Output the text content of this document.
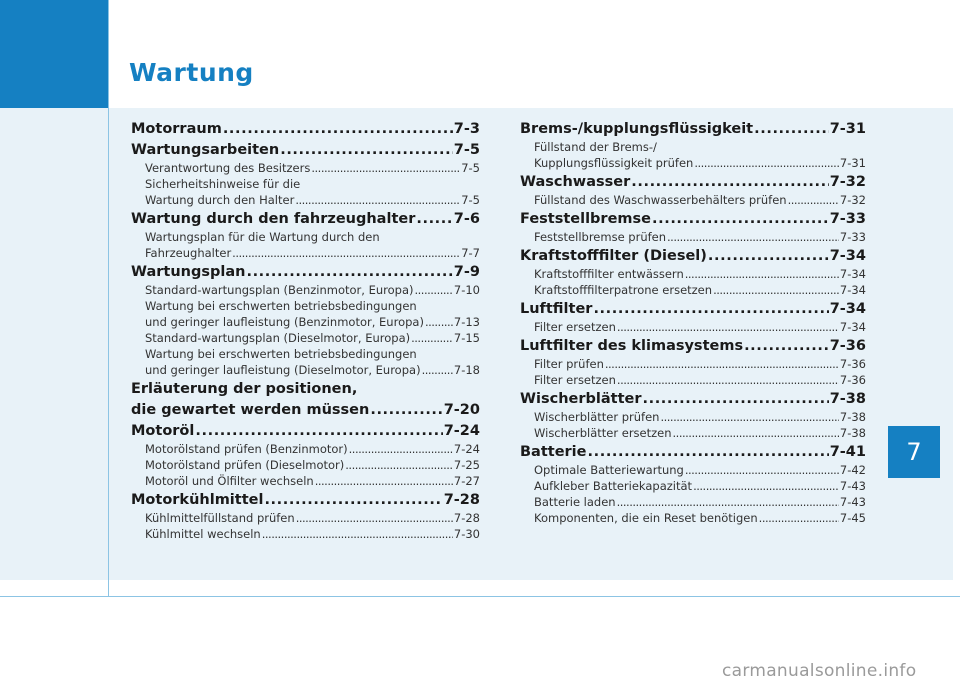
Wartung
7
Motorraum .....	7-3
Wartungsarbeiten .....	7-5
Verantwortung des Besitzers .....	7-5
Sicherheitshinweise für die
Wartung durch den Halter .....	7-5
Wartung durch den fahrzeughalter .....	7-6
Wartungsplan für die Wartung durch den
Fahrzeughalter .....	7-7
Wartungsplan .....	7-9
Standard-wartungsplan (Benzinmotor, Europa) .....	7-10
Wartung bei erschwerten betriebsbedingungen
und geringer laufleistung (Benzinmotor, Europa) .....	7-13
Standard-wartungsplan (Dieselmotor, Europa) .....	7-15
Wartung bei erschwerten betriebsbedingungen
und geringer laufleistung (Dieselmotor, Europa) .....	7-18
Erläuterung der positionen,
die gewartet werden müssen .....	7-20
Motoröl .....	7-24
Motorölstand prüfen (Benzinmotor) .....	7-24
Motorölstand prüfen (Dieselmotor) .....	7-25
Motoröl und Ölfilter wechseln .....	7-27
Motorkühlmittel .....	7-28
Kühlmittelfüllstand prüfen .....	7-28
Kühlmittel wechseln .....	7-30
Brems-/kupplungsflüssigkeit .....	7-31
Füllstand der Brems-/
Kupplungsflüssigkeit prüfen .....	7-31
Waschwasser .....	7-32
Füllstand des Waschwasserbehälters prüfen .....	7-32
Feststellbremse .....	7-33
Feststellbremse prüfen .....	7-33
Kraftstofffilter (Diesel) .....	7-34
Kraftstofffilter entwässern .....	7-34
Kraftstofffilterpatrone ersetzen .....	7-34
Luftfilter .....	7-34
Filter ersetzen .....	7-34
Luftfilter des klimasystems .....	7-36
Filter prüfen .....	7-36
Filter ersetzen .....	7-36
Wischerblätter .....	7-38
Wischerblätter prüfen .....	7-38
Wischerblätter ersetzen .....	7-38
Batterie .....	7-41
Optimale Batteriewartung .....	7-42
Aufkleber Batteriekapazität .....	7-43
Batterie laden .....	7-43
Komponenten, die ein Reset benötigen .....	7-45
carmanualsonline.info
